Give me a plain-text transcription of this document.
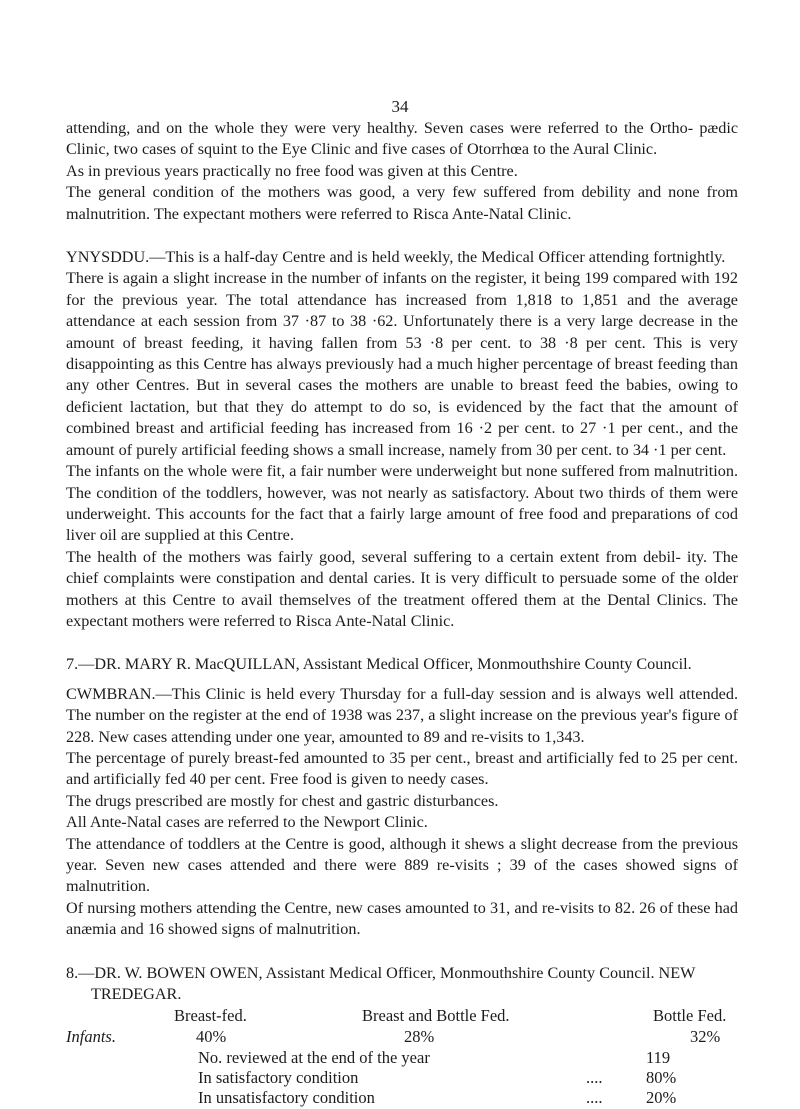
34

attending, and on the whole they were very healthy. Seven cases were referred to the Ortho- pædic Clinic, two cases of squint to the Eye Clinic and five cases of Otorrhœa to the Aural Clinic.

As in previous years practically no free food was given at this Centre.

The general condition of the mothers was good, a very few suffered from debility and none from malnutrition. The expectant mothers were referred to Risca Ante-Natal Clinic.

YNYSDDU.—This is a half-day Centre and is held weekly, the Medical Officer attending fortnightly.

There is again a slight increase in the number of infants on the register, it being 199 compared with 192 for the previous year. The total attendance has increased from 1,818 to 1,851 and the average attendance at each session from 37 ·87 to 38 ·62. Unfortunately there is a very large decrease in the amount of breast feeding, it having fallen from 53 ·8 per cent. to 38 ·8 per cent. This is very disappointing as this Centre has always previously had a much higher percentage of breast feeding than any other Centres. But in several cases the mothers are unable to breast feed the babies, owing to deficient lactation, but that they do attempt to do so, is evidenced by the fact that the amount of combined breast and artificial feeding has increased from 16 ·2 per cent. to 27 ·1 per cent., and the amount of purely artificial feeding shows a small increase, namely from 30 per cent. to 34 ·1 per cent.

The infants on the whole were fit, a fair number were underweight but none suffered from malnutrition. The condition of the toddlers, however, was not nearly as satisfactory. About two thirds of them were underweight. This accounts for the fact that a fairly large amount of free food and preparations of cod liver oil are supplied at this Centre.

The health of the mothers was fairly good, several suffering to a certain extent from debil- ity. The chief complaints were constipation and dental caries. It is very difficult to persuade some of the older mothers at this Centre to avail themselves of the treatment offered them at the Dental Clinics. The expectant mothers were referred to Risca Ante-Natal Clinic.

7.—DR. MARY R. MacQUILLAN, Assistant Medical Officer, Monmouthshire County Council.

CWMBRAN.—This Clinic is held every Thursday for a full-day session and is always well attended. The number on the register at the end of 1938 was 237, a slight increase on the previous year's figure of 228. New cases attending under one year, amounted to 89 and re-visits to 1,343.

The percentage of purely breast-fed amounted to 35 per cent., breast and artificially fed to 25 per cent. and artificially fed 40 per cent. Free food is given to needy cases.

The drugs prescribed are mostly for chest and gastric disturbances.

All Ante-Natal cases are referred to the Newport Clinic.

The attendance of toddlers at the Centre is good, although it shews a slight decrease from the previous year. Seven new cases attended and there were 889 re-visits ; 39 of the cases showed signs of malnutrition.

Of nursing mothers attending the Centre, new cases amounted to 31, and re-visits to 82. 26 of these had anæmia and 16 showed signs of malnutrition.

8.—DR. W. BOWEN OWEN, Assistant Medical Officer, Monmouthshire County Council. NEW TREDEGAR.

Infants.
Breast-fed.	Breast and Bottle Fed.	Bottle Fed.
40%	28%	32%
No. reviewed at the end of the year	119
In satisfactory condition	....	80%
In unsatisfactory condition	....	20%
